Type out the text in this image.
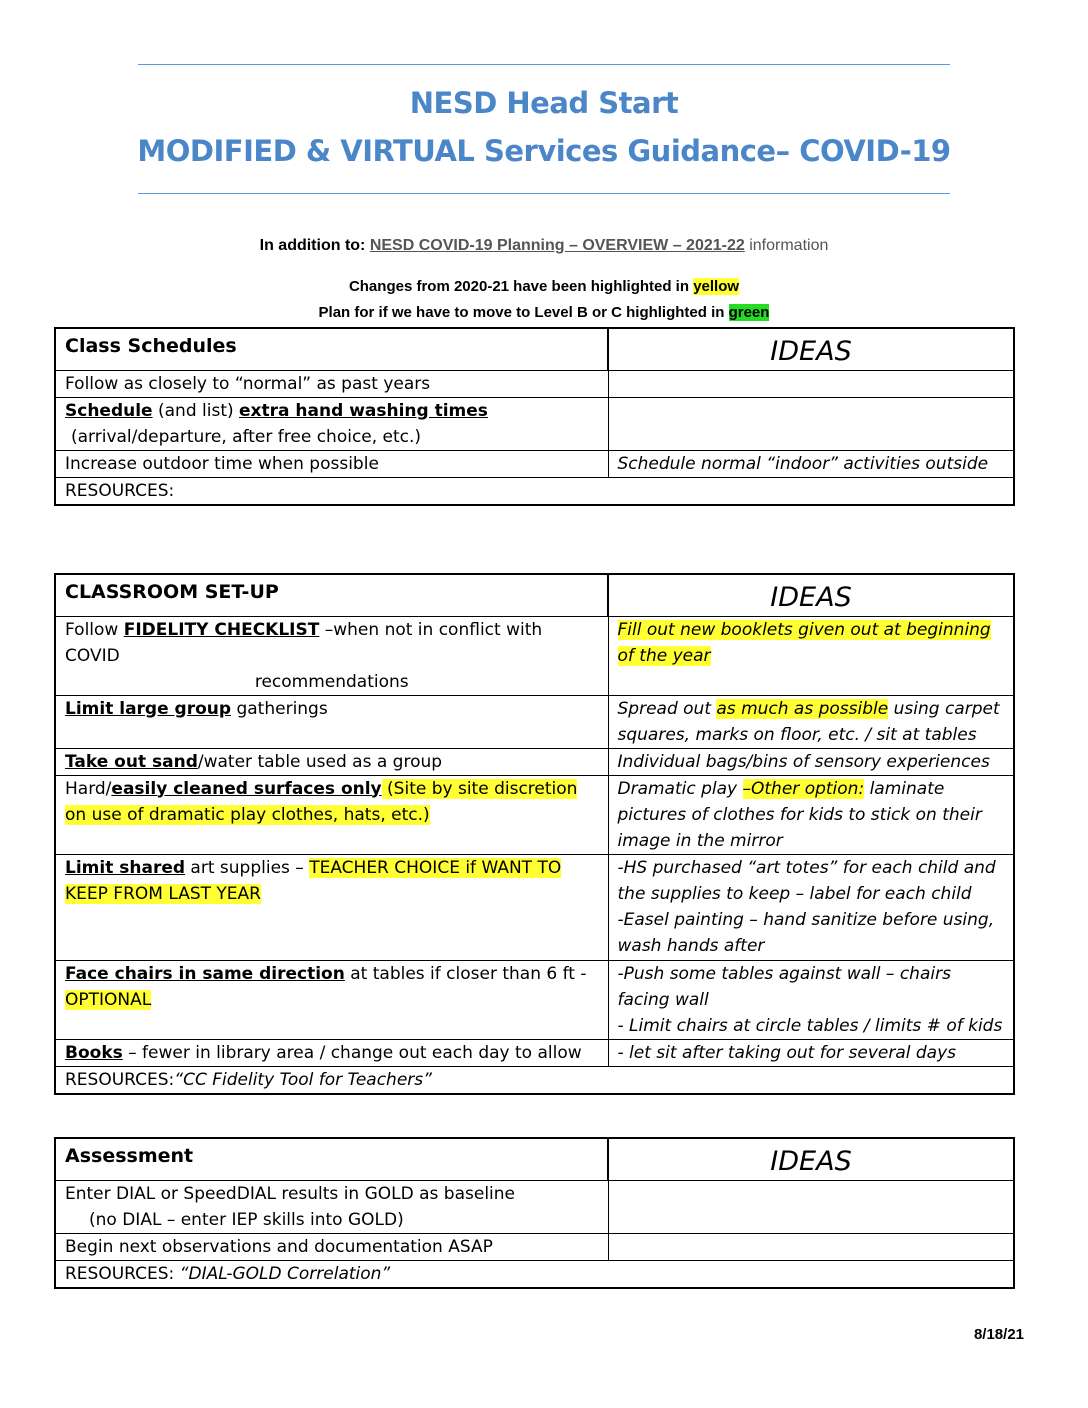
NESD Head Start
MODIFIED & VIRTUAL Services Guidance– COVID-19
In addition to: NESD COVID-19 Planning – OVERVIEW – 2021-22 information
Changes from 2020-21 have been highlighted in yellow
Plan for if we have to move to Level B or C highlighted in green
Class Schedules	IDEAS

Follow as closely to “normal” as past years	
Schedule (and list) extra hand washing times
(arrival/departure, after free choice, etc.)	

Increase outdoor time when possible	Schedule normal “indoor” activities outside
RESOURCES:	
CLASSROOM SET-UP	IDEAS

Follow FIDELITY CHECKLIST –when not in conflict with COVID
recommendations	Fill out new booklets given out at beginning of the year
Limit large group gatherings	Spread out as much as possible using carpet squares, marks on floor, etc. / sit at tables
Take out sand/water table used as a group	Individual bags/bins of sensory experiences
Hard/easily cleaned surfaces only (Site by site discretion on use of dramatic play clothes, hats, etc.)	Dramatic play –Other option: laminate pictures of clothes for kids to stick on their image in the mirror
Limit shared art supplies – TEACHER CHOICE if WANT TO KEEP FROM LAST YEAR	-HS purchased “art totes” for each child and the supplies to keep – label for each child
-Easel painting – hand sanitize before using, wash hands after

Face chairs in same direction at tables if closer than 6 ft - OPTIONAL	-Push some tables against wall – chairs facing wall
- Limit chairs at circle tables / limits # of kids

Books – fewer in library area / change out each day to allow	- let sit after taking out for several days
RESOURCES:“CC Fidelity Tool for Teachers”	
Assessment	IDEAS

Enter DIAL or SpeedDIAL results in GOLD as baseline
(no DIAL – enter IEP skills into GOLD)	

Begin next observations and documentation ASAP	
RESOURCES: “DIAL-GOLD Correlation”	
8/18/21
